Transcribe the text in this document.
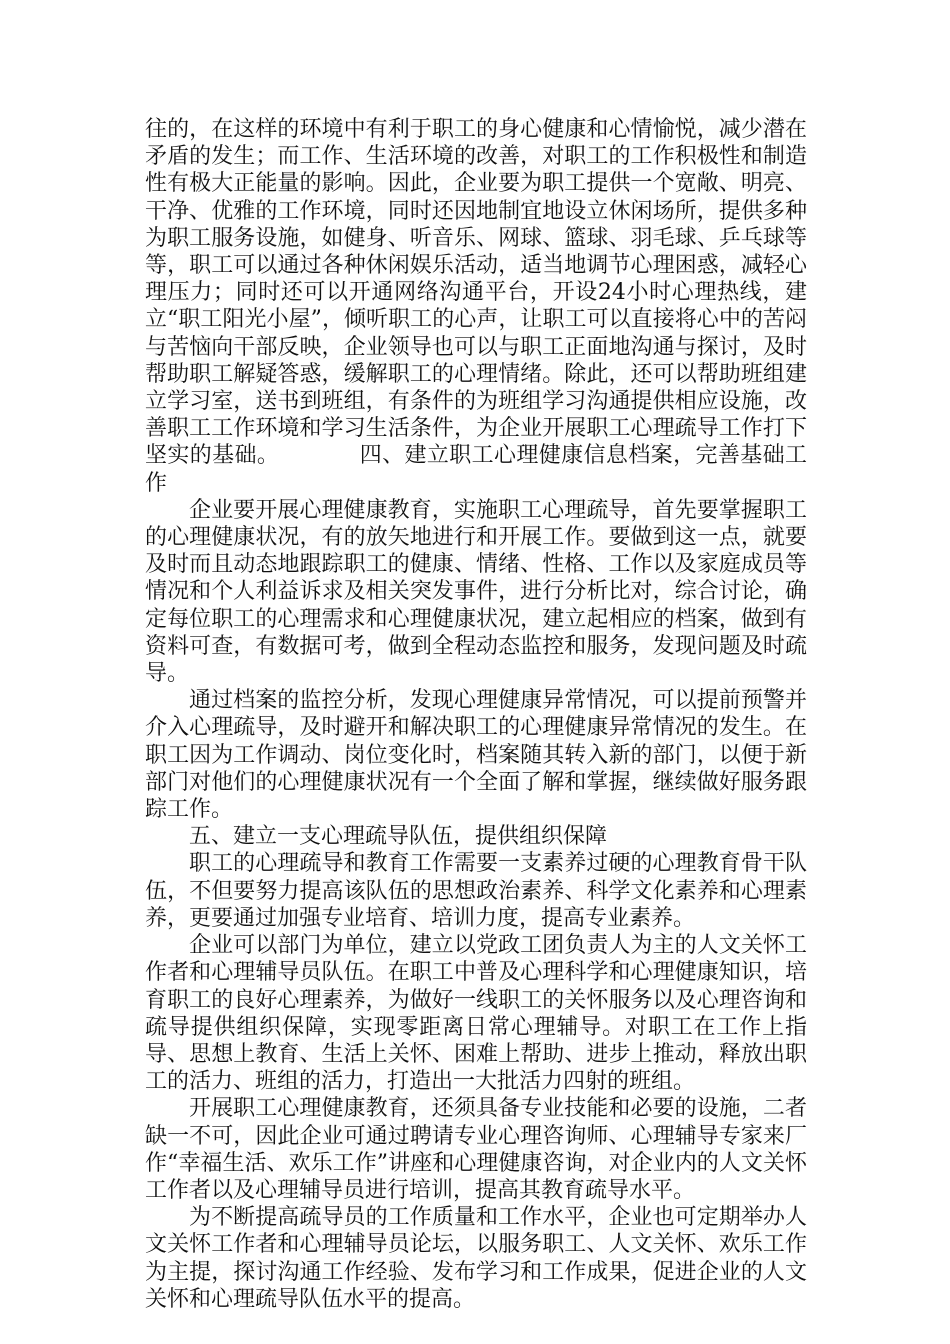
往的，在这样的环境中有利于职工的身心健康和心情愉悦，减少潜在矛盾的发生；而工作、生活环境的改善，对职工的工作积极性和制造性有极大正能量的影响。因此，企业要为职工提供一个宽敞、明亮、干净、优雅的工作环境，同时还因地制宜地设立休闲场所，提供多种为职工服务设施，如健身、听音乐、网球、篮球、羽毛球、乒乓球等等，职工可以通过各种休闲娱乐活动，适当地调节心理困惑，减轻心理压力；同时还可以开通网络沟通平台，开设24小时心理热线，建立“职工阳光小屋”，倾听职工的心声，让职工可以直接将心中的苦闷与苦恼向干部反映，企业领导也可以与职工正面地沟通与探讨，及时帮助职工解疑答惑，缓解职工的心理情绪。除此，还可以帮助班组建立学习室，送书到班组，有条件的为班组学习沟通提供相应设施，改善职工工作环境和学习生活条件，为企业开展职工心理疏导工作打下坚实的基础。	四、建立职工心理健康信息档案，完善基础工作

企业要开展心理健康教育，实施职工心理疏导，首先要掌握职工的心理健康状况，有的放矢地进行和开展工作。要做到这一点，就要及时而且动态地跟踪职工的健康、情绪、性格、工作以及家庭成员等情况和个人利益诉求及相关突发事件，进行分析比对，综合讨论，确定每位职工的心理需求和心理健康状况，建立起相应的档案，做到有资料可查，有数据可考，做到全程动态监控和服务，发现问题及时疏导。

通过档案的监控分析，发现心理健康异常情况，可以提前预警并介入心理疏导，及时避开和解决职工的心理健康异常情况的发生。在职工因为工作调动、岗位变化时，档案随其转入新的部门，以便于新部门对他们的心理健康状况有一个全面了解和掌握，继续做好服务跟踪工作。

五、建立一支心理疏导队伍，提供组织保障

职工的心理疏导和教育工作需要一支素养过硬的心理教育骨干队伍，不但要努力提高该队伍的思想政治素养、科学文化素养和心理素养，更要通过加强专业培育、培训力度，提高专业素养。

企业可以部门为单位，建立以党政工团负责人为主的人文关怀工作者和心理辅导员队伍。在职工中普及心理科学和心理健康知识，培育职工的良好心理素养，为做好一线职工的关怀服务以及心理咨询和疏导提供组织保障，实现零距离日常心理辅导。对职工在工作上指导、思想上教育、生活上关怀、困难上帮助、进步上推动，释放出职工的活力、班组的活力，打造出一大批活力四射的班组。

开展职工心理健康教育，还须具备专业技能和必要的设施，二者缺一不可，因此企业可通过聘请专业心理咨询师、心理辅导专家来厂作“幸福生活、欢乐工作”讲座和心理健康咨询，对企业内的人文关怀工作者以及心理辅导员进行培训，提高其教育疏导水平。

为不断提高疏导员的工作质量和工作水平，企业也可定期举办人文关怀工作者和心理辅导员论坛，以服务职工、人文关怀、欢乐工作为主提，探讨沟通工作经验、发布学习和工作成果，促进企业的人文关怀和心理疏导队伍水平的提高。
